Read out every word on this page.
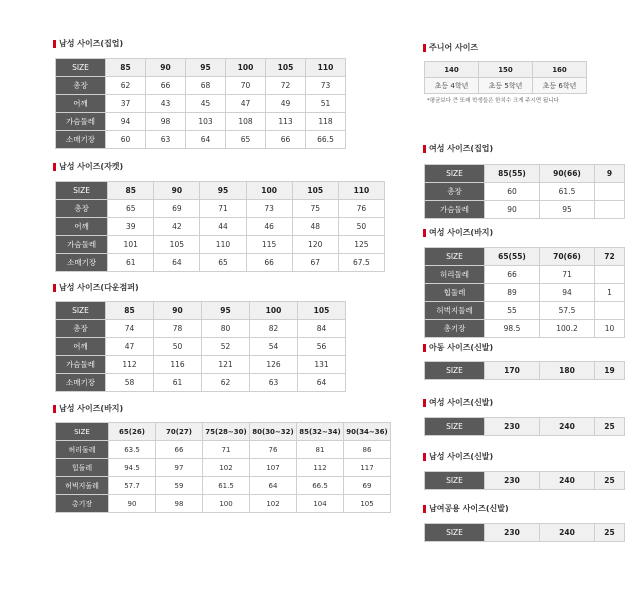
남성 사이즈(집업)
SIZE	85	90	95	100	105	110
총장	62	66	68	70	72	73
어깨	37	43	45	47	49	51
가슴둘레	94	98	103	108	113	118
소매기장	60	63	64	65	66	66.5
남성 사이즈(자켓)
SIZE	85	90	95	100	105	110
총장	65	69	71	73	75	76
어깨	39	42	44	46	48	50
가슴둘레	101	105	110	115	120	125
소매기장	61	64	65	66	67	67.5
남성 사이즈(다운점퍼)
SIZE	85	90	95	100	105
총장	74	78	80	82	84
어깨	47	50	52	54	56
가슴둘레	112	116	121	126	131
소매기장	58	61	62	63	64
남성 사이즈(바지)
SIZE	65(26)	70(27)	75(28~30)	80(30~32)	85(32~34)	90(34~36)
허리둘레	63.5	66	71	76	81	86
힙둘레	94.5	97	102	107	112	117
허벅지둘레	57.7	59	61.5	64	66.5	69
총기장	90	98	100	102	104	105
주니어 사이즈
140	150	160
초등 4학년	초등 5학년	초등 6학년
*평균보다 큰 또래 학생들은 한치수 크게 주시면 됩니다
여성 사이즈(집업)
SIZE	85(55)	90(66)	9
총장	60	61.5	
가슴둘레	90	95	
여성 사이즈(바지)
SIZE	65(55)	70(66)	72
허리둘레	66	71	
힙둘레	89	94	1
허벅지둘레	55	57.5	
총기장	98.5	100.2	10
아동 사이즈(신발)
SIZE	170	180	19
여성 사이즈(신발)
SIZE	230	240	25
남성 사이즈(신발)
SIZE	230	240	25
남여공용 사이즈(신발)
SIZE	230	240	25
